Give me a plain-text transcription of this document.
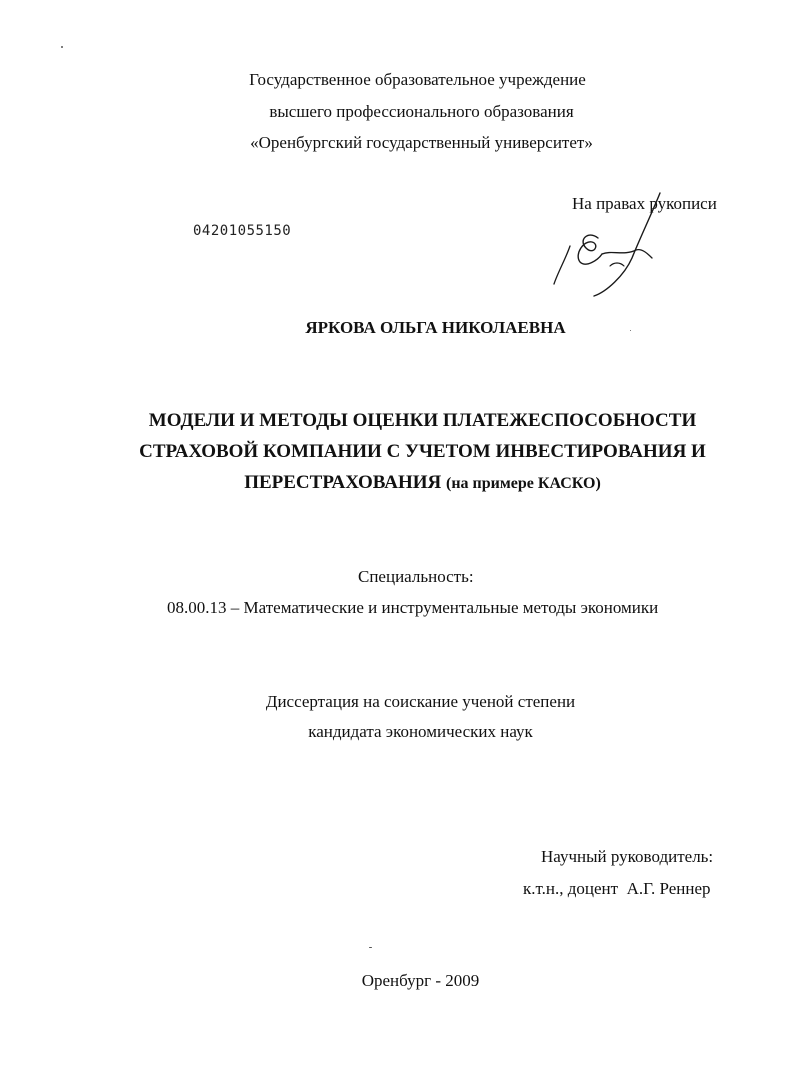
Государственное образовательное учреждение
высшего профессионального образования
«Оренбургский государственный университет»
На правах рукописи
04201055150
ЯРКОВА ОЛЬГА НИКОЛАЕВНА
МОДЕЛИ И МЕТОДЫ ОЦЕНКИ ПЛАТЕЖЕСПОСОБНОСТИ
СТРАХОВОЙ КОМПАНИИ С УЧЕТОМ ИНВЕСТИРОВАНИЯ И
ПЕРЕСТРАХОВАНИЯ (на примере КАСКО)
Специальность:
08.00.13 – Математические и инструментальные методы экономики
Диссертация на соискание ученой степени
кандидата экономических наук
Научный руководитель:
к.т.н., доцент  А.Г. Реннер
Оренбург - 2009
